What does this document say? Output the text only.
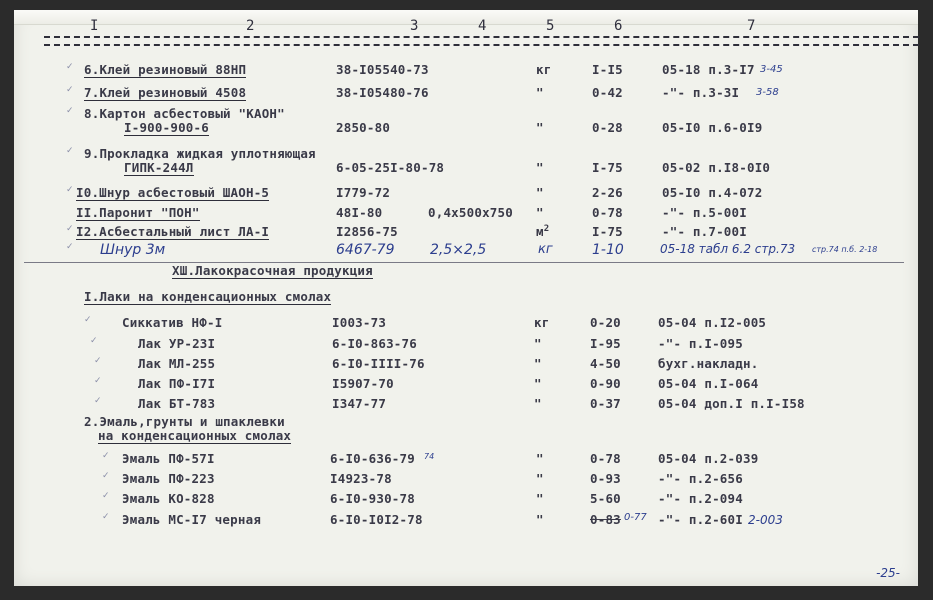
I	2	3	4	5	6	7
✓ 6.Клей резиновый 88НП	38-I05540-73	кг	I-I5	05-18 п.3-I7 3-45
✓ 7.Клей резиновый 4508	38-I05480-76	"	0-42	-"- п.3-3I 3-58
✓ 8.Картон асбестовый "КАОН"
I-900-900-6	2850-80	"	0-28	05-I0 п.6-0I9
✓ 9.Прокладка жидкая уплотняющая
ГИПК-244Л	6-05-25I-80-78	"	I-75	05-02 п.I8-0I0
✓ I0.Шнур асбестовый ШАОН-5	I779-72	"	2-26	05-I0 п.4-072
II.Паронит "ПОН"	48I-80	0,4x500x750 "	0-78	-"- п.5-00I
✓ I2.Асбестальный лист ЛА-I	I2856-75	$м^2$	I-75	-"- п.7-00I
✓ Шнур 3м	6467-79	2,5×2,5	кг	1-10	05-18 табл 6.2 стр.73 стр.74 п.б. 2-18
XШ.Лакокрасочная продукция
I.Лаки на конденсационных смолах
✓ Сиккатив НФ-I	I003-73	кг	0-20	05-04 п.I2-005
✓	Лак УР-23I	6-I0-863-76	"	I-95	-"- п.I-095
✓	Лак МЛ-255	6-I0-IIII-76	"	4-50	бухг.накладн.
✓	Лак ПФ-I7I	I5907-70	"	0-90	05-04 п.I-064
✓	Лак БТ-783	I347-77	"	0-37	05-04 доп.I п.I-I58
2.Эмаль,грунты и шпаклевки
на конденсационных смолах
✓ Эмаль ПФ-57I	6-I0-636-79 74	"	0-78	05-04 п.2-039
✓ Эмаль ПФ-223	I4923-78	"	0-93	-"- п.2-656
✓ Эмаль КО-828	6-I0-930-78	"	5-60	-"- п.2-094
✓ Эмаль МС-I7 черная	6-I0-I0I2-78	"	0-83 0-77 -"- п.2-60I 2-003
-25-
